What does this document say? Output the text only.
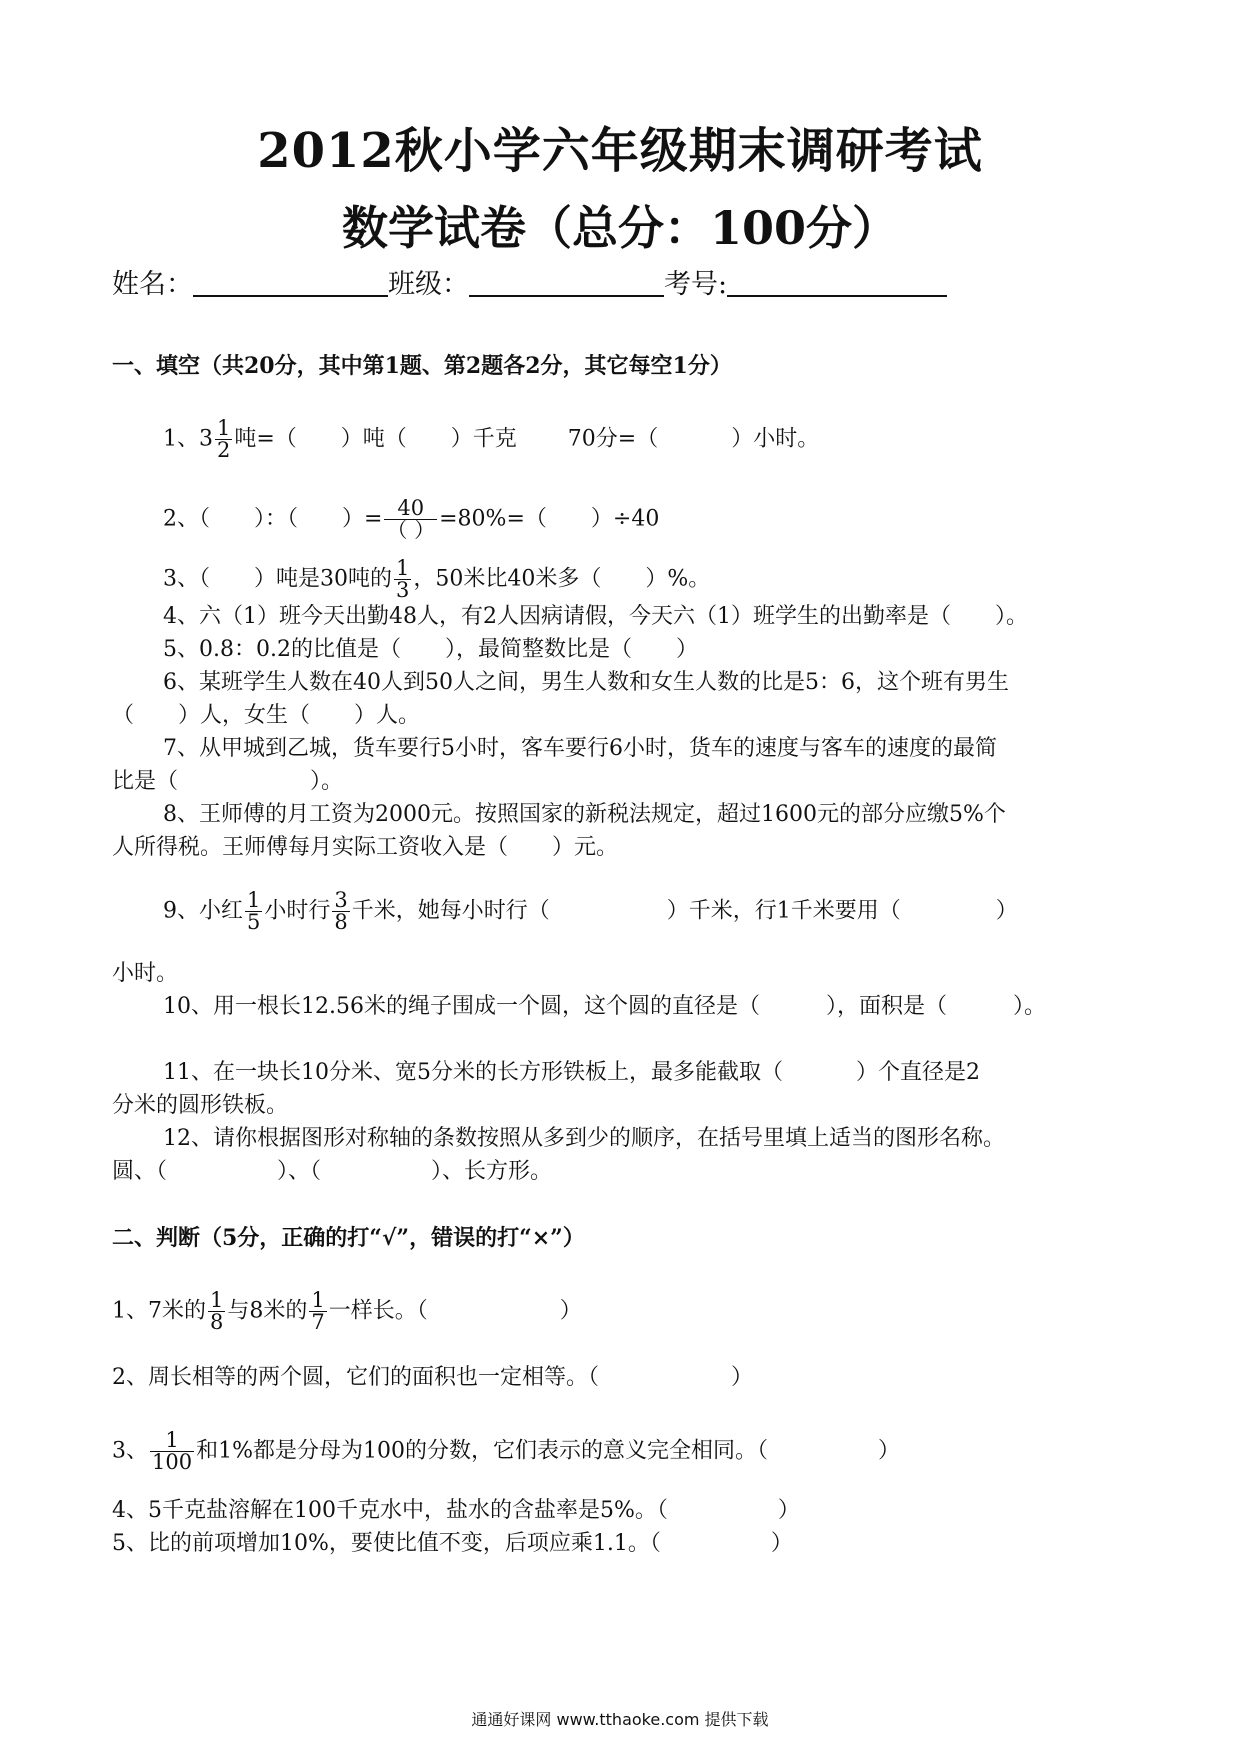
2012秋小学六年级期末调研考试
数学试卷（总分：100分）
姓名：	班级：	考号:
一、填空（共20分，其中第1题、第2题各2分，其它每空1分）
1、$3 \frac{1}{2}$ 吨=（　　）吨（　　）千克　　 70分=（　　　 ）小时。
2、（　　）：（　　）= $\frac{40}{( )} =80\%=$（　　）÷40
3、（　　）吨是30吨的 $\frac{1}{3}$ ，50米比40米多（　　）%。
4、六（1）班今天出勤48人，有2人因病请假，今天六（1）班学生的出勤率是（　　）。
5、0.8：0.2的比值是（　　），最简整数比是（　　）
6、某班学生人数在40人到50人之间，男生人数和女生人数的比是5：6，这个班有男生
（　　）人，女生（　　）人。
7、从甲城到乙城，货车要行5小时，客车要行6小时，货车的速度与客车的速度的最简
比是（　　　　　　）。
8、王师傅的月工资为2000元。按照国家的新税法规定，超过1600元的部分应缴5%个
人所得税。王师傅每月实际工资收入是（　　）元。
9、小红 $\frac{1}{5}$ 小时行 $\frac{3}{8}$ 千米，她每小时行（　　　　　 ）千米，行1千米要用（　　　　 ）
小时。
10、用一根长12.56米的绳子围成一个圆，这个圆的直径是（　　　），面积是（　　　）。
11、在一块长10分米、宽5分米的长方形铁板上，最多能截取（　　　 ）个直径是2
分米的圆形铁板。
12、请你根据图形对称轴的条数按照从多到少的顺序，在括号里填上适当的图形名称。
圆、（　　　　　）、（　　　　　）、长方形。
二、判断（5分，正确的打“√”，错误的打“×”）
1、7米的 $\frac{1}{8}$ 与8米的 $\frac{1}{7}$ 一样长。（　　　　　　）
2、周长相等的两个圆，它们的面积也一定相等。（　　　　　　）
3、 $\frac{1}{100}$ 和1%都是分母为100的分数，它们表示的意义完全相同。（　　　　　）
4、5千克盐溶解在100千克水中，盐水的含盐率是5%。（　　　　　）
5、比的前项增加10%，要使比值不变，后项应乘1.1。（　　　　　）
通通好课网 www.tthaoke.com 提供下载
